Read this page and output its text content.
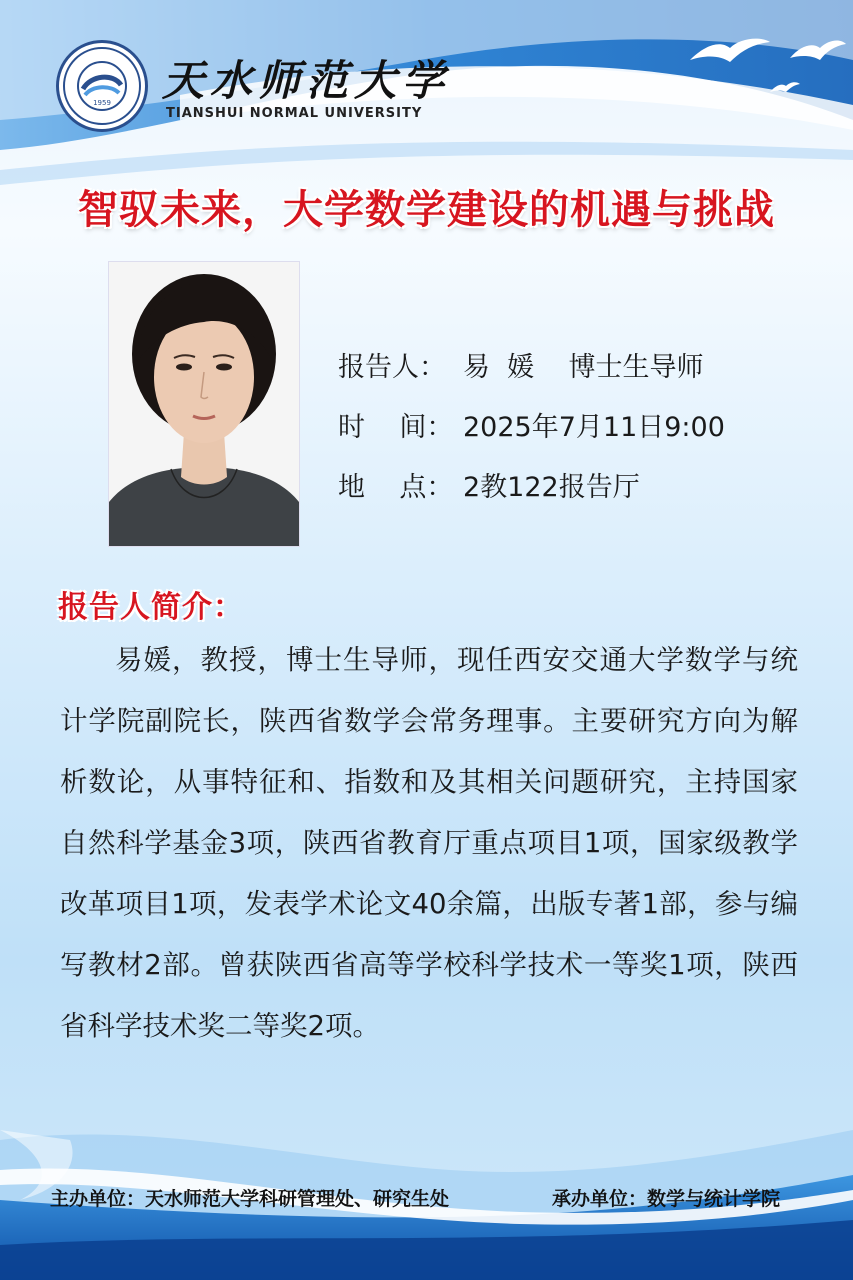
1959 天水师范大学
TIANSHUI NORMAL UNIVERSITY
智驭未来，大学数学建设的机遇与挑战
报告人： 易  媛    博士生导师
时    间： 2025年7月11日9:00
地    点： 2教122报告厅
报告人简介：

易媛，教授，博士生导师，现任西安交通大学数学与统计学院副院长，陕西省数学会常务理事。主要研究方向为解析数论，从事特征和、指数和及其相关问题研究，主持国家自然科学基金3项，陕西省教育厅重点项目1项，国家级教学改革项目1项，发表学术论文40余篇，出版专著1部，参与编写教材2部。曾获陕西省高等学校科学技术一等奖1项，陕西省科学技术奖二等奖2项。

主办单位：天水师范大学科研管理处、研究生处	承办单位：数学与统计学院
